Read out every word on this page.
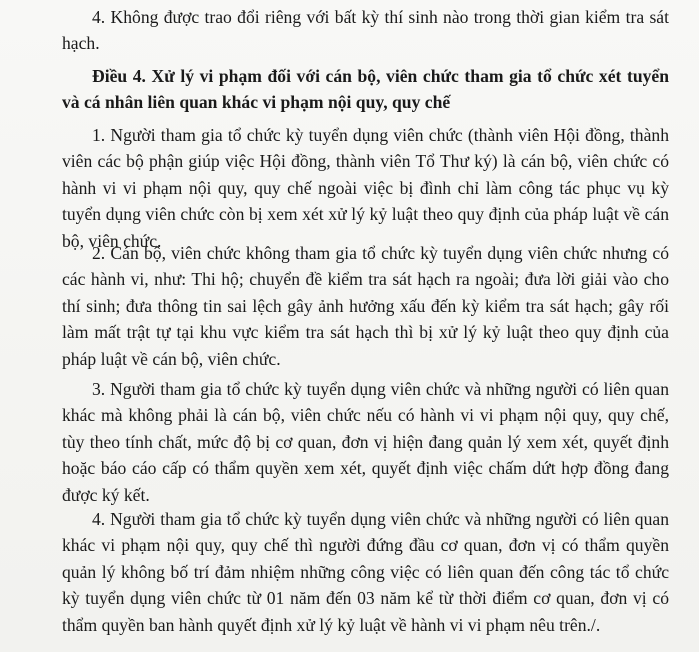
4. Không được trao đổi riêng với bất kỳ thí sinh nào trong thời gian kiểm tra sát hạch.

Điều 4. Xử lý vi phạm đối với cán bộ, viên chức tham gia tổ chức xét tuyển và cá nhân liên quan khác vi phạm nội quy, quy chế

1. Người tham gia tổ chức kỳ tuyển dụng viên chức (thành viên Hội đồng, thành viên các bộ phận giúp việc Hội đồng, thành viên Tổ Thư ký) là cán bộ, viên chức có hành vi vi phạm nội quy, quy chế ngoài việc bị đình chỉ làm công tác phục vụ kỳ tuyển dụng viên chức còn bị xem xét xử lý kỷ luật theo quy định của pháp luật về cán bộ, viên chức.

2. Cán bộ, viên chức không tham gia tổ chức kỳ tuyển dụng viên chức nhưng có các hành vi, như: Thi hộ; chuyển đề kiểm tra sát hạch ra ngoài; đưa lời giải vào cho thí sinh; đưa thông tin sai lệch gây ảnh hưởng xấu đến kỳ kiểm tra sát hạch; gây rối làm mất trật tự tại khu vực kiểm tra sát hạch thì bị xử lý kỷ luật theo quy định của pháp luật về cán bộ, viên chức.

3. Người tham gia tổ chức kỳ tuyển dụng viên chức và những người có liên quan khác mà không phải là cán bộ, viên chức nếu có hành vi vi phạm nội quy, quy chế, tùy theo tính chất, mức độ bị cơ quan, đơn vị hiện đang quản lý xem xét, quyết định hoặc báo cáo cấp có thẩm quyền xem xét, quyết định việc chấm dứt hợp đồng đang được ký kết.

4. Người tham gia tổ chức kỳ tuyển dụng viên chức và những người có liên quan khác vi phạm nội quy, quy chế thì người đứng đầu cơ quan, đơn vị có thẩm quyền quản lý không bố trí đảm nhiệm những công việc có liên quan đến công tác tổ chức kỳ tuyển dụng viên chức từ 01 năm đến 03 năm kể từ thời điểm cơ quan, đơn vị có thẩm quyền ban hành quyết định xử lý kỷ luật về hành vi vi phạm nêu trên./.
